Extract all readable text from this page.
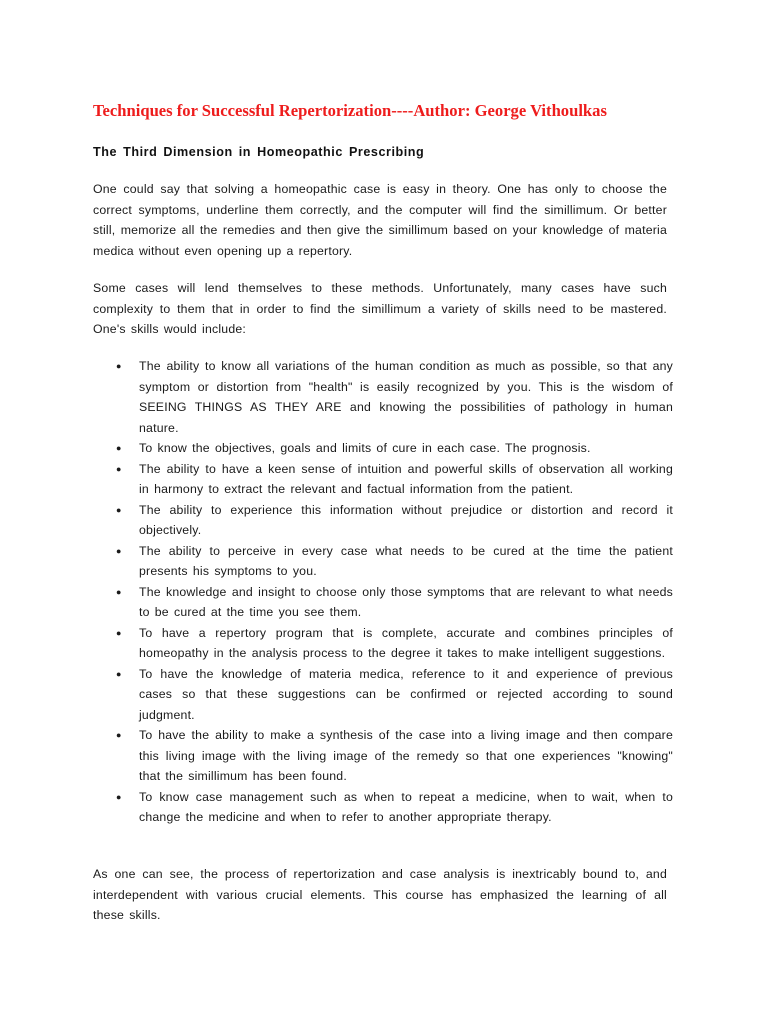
Techniques for Successful Repertorization----Author: George Vithoulkas
The Third Dimension in Homeopathic Prescribing

One could say that solving a homeopathic case is easy in theory. One has only to choose the correct symptoms, underline them correctly, and the computer will find the simillimum. Or better still, memorize all the remedies and then give the simillimum based on your knowledge of materia medica without even opening up a repertory.

Some cases will lend themselves to these methods. Unfortunately, many cases have such complexity to them that in order to find the simillimum a variety of skills need to be mastered. One's skills would include:

● The ability to know all variations of the human condition as much as possible, so that any symptom or distortion from "health" is easily recognized by you. This is the wisdom of SEEING THINGS AS THEY ARE and knowing the possibilities of pathology in human nature.
● To know the objectives, goals and limits of cure in each case. The prognosis.
● The ability to have a keen sense of intuition and powerful skills of observation all working in harmony to extract the relevant and factual information from the patient.
● The ability to experience this information without prejudice or distortion and record it objectively.
● The ability to perceive in every case what needs to be cured at the time the patient presents his symptoms to you.
● The knowledge and insight to choose only those symptoms that are relevant to what needs to be cured at the time you see them.
● To have a repertory program that is complete, accurate and combines principles of homeopathy in the analysis process to the degree it takes to make intelligent suggestions.
● To have the knowledge of materia medica, reference to it and experience of previous cases so that these suggestions can be confirmed or rejected according to sound judgment.
● To have the ability to make a synthesis of the case into a living image and then compare this living image with the living image of the remedy so that one experiences "knowing" that the simillimum has been found.
● To know case management such as when to repeat a medicine, when to wait, when to change the medicine and when to refer to another appropriate therapy.

As one can see, the process of repertorization and case analysis is inextricably bound to, and interdependent with various crucial elements. This course has emphasized the learning of all these skills.
